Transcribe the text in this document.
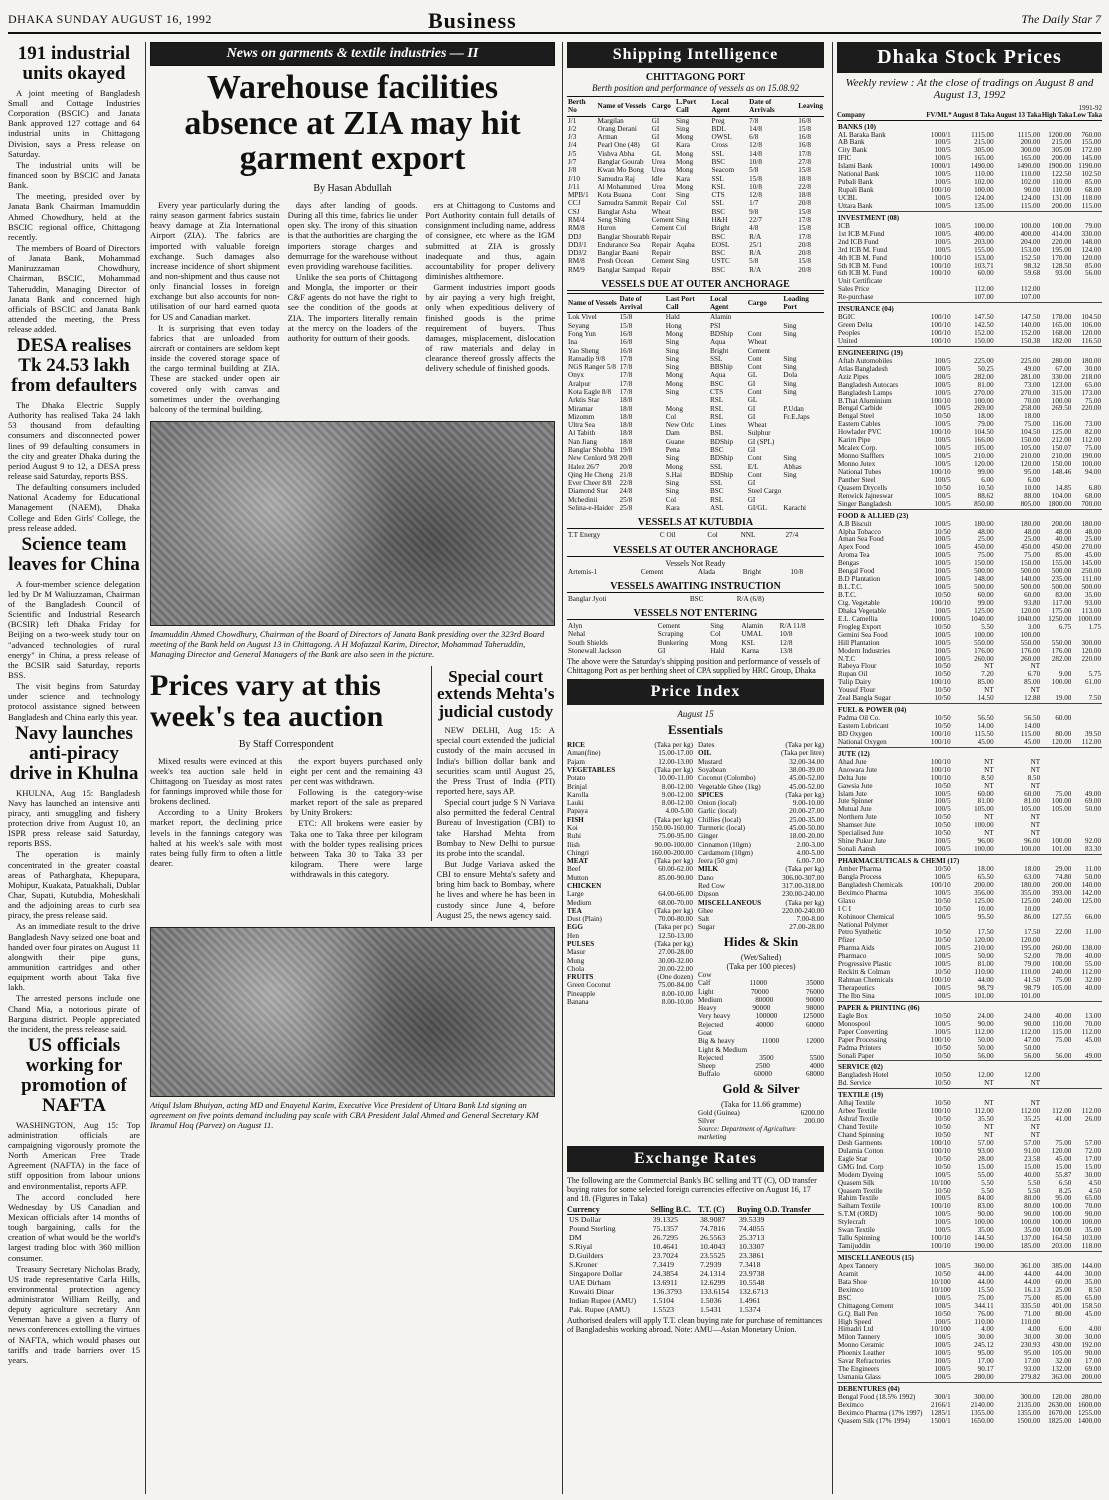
DHAKA SUNDAY AUGUST 16, 1992	Business	The Daily Star 7
191 industrial units okayed

A joint meeting of Bangladesh Small and Cottage Industries Corporation (BSCIC) and Janata Bank approved 127 cottage and 64 industrial units in Chittagong Division, says a Press release on Saturday.

The industrial units will be financed soon by BSCIC and Janata Bank.

The meeting, presided over by Janata Bank Chairman Imamuddin Ahmed Chowdhury, held at the BSCIC regional office, Chittagong recently.

The members of Board of Directors of Janata Bank, Mohammad Maniruzzaman Chowdhury, Chairman, BSCIC, Mohammad Taheruddin, Managing Director of Janata Bank and concerned high officials of BSCIC and Janata Bank attended the meeting, the Press release added.

DESA realises Tk 24.53 lakh from defaulters

The Dhaka Electric Supply Authority has realised Taka 24 lakh 53 thousand from defaulting consumers and disconnected power lines of 99 defaulting consumers in the city and greater Dhaka during the period August 9 to 12, a DESA press release said Saturday, reports BSS.

The defaulting consumers included National Academy for Educational Management (NAEM), Dhaka College and Eden Girls' College, the press release added.

Science team leaves for China

A four-member science delegation led by Dr M Waliuzzaman, Chairman of the Bangladesh Council of Scientific and Industrial Research (BCSIR) left Dhaka Friday for Beijing on a two-week study tour on "advanced technologies of rural energy" in China, a press release of the BCSIR said Saturday, reports BSS.

The visit begins from Saturday under science and technology protocol assistance signed between Bangladesh and China early this year.

Navy launches anti-piracy drive in Khulna

KHULNA, Aug 15: Bangladesh Navy has launched an intensive anti piracy, anti smuggling and fishery protection drive from August 10, an ISPR press release said Saturday, reports BSS.

The operation is mainly concentrated in the greater coastal areas of Patharghata, Khepupara, Mohipur, Kuakata, Patuakhali, Dublar Char, Supati, Kutubdia, Moheskhali and the adjoining areas to curb sea piracy, the press release said.

As an immediate result to the drive Bangladesh Navy seized one boat and handed over four pirates on August 11 alongwith their pipe guns, ammunition cartridges and other equipment worth about Taka five lakh.

The arrested persons include one Chand Mia, a notorious pirate of Barguna district. People appreciated the incident, the press release said.

US officials working for promotion of NAFTA

WASHINGTON, Aug 15: Top administration officials are campaigning vigorously promote the North American Free Trade Agreement (NAFTA) in the face of stiff opposition from labour unions and environmentalist, reports AFP.

The accord concluded here Wednesday by US Canadian and Mexican officials after 14 months of tough bargaining, calls for the creation of what would be the world's largest trading bloc with 360 million consumer.

Treasury Secretary Nicholas Brady, US trade representative Carla Hills, environmental protection agency administrator William Reilly, and deputy agriculture secretary Ann Veneman have a given a flurry of news conferences extolling the virtues of NAFTA, which would phases out tariffs and trade barriers over 15 years.

News on garments & textile industries — II
Warehouse facilities absence at ZIA may hit garment export
By Hasan Abdullah

Every year particularly during the rainy season garment fabrics sustain heavy damage at Zia International Airport (ZIA). The fabrics are imported with valuable foreign exchange. Such damages also increase incidence of short shipment and non-shipment and thus cause not only financial losses in foreign exchange but also accounts for non-utilisation of our hard earned quota for US and Canadian market.

It is surprising that even today fabrics that are unloaded from aircraft or containers are seldom kept inside the covered storage space of the cargo terminal building at ZIA. These are stacked under open air covered only with canvas and sometimes under the overhanging balcony of the terminal building.

days after landing of goods. During all this time, fabrics lie under open sky. The irony of this situation is that the authorities are charging the importers storage charges and demurrage for the warehouse without even providing warehouse facilities.

Unlike the sea ports of Chittagong and Mongla, the importer or their C&F agents do not have the right to see the condition of the goods at ZIA. The importers literally remain at the mercy on the loaders of the authority for outturn of their goods.

ers at Chittagong to Customs and Port Authority contain full details of consignment including name, address of consignee, etc where as the IGM submitted at ZIA is grossly inadequate and thus, again accountability for proper delivery diminishes altthemore.

Garment industries import goods by air paying a very high freight, only when expeditious delivery of finished goods is the prime requirement of buyers. Thus damages, misplacement, dislocation of raw materials and delay in clearance thereof grossly affects the delivery schedule of finished goods.

Imamuddin Ahmed Chowdhury, Chairman of the Board of Directors of Janata Bank presiding over the 323rd Board meeting of the Bank held on August 13 in Chittagong. A H Mofazzal Karim, Director, Mohammad Taheruddin, Managing Director and General Managers of the Bank are also seen in the picture.
Prices vary at this week's tea auction
By Staff Correspondent

Mixed results were evinced at this week's tea auction sale held in Chittagong on Tuesday as most rates for fannings improved while those for brokens declined.

According to a Unity Brokers market report, the declining price levels in the fannings category was halted at his week's sale with most rates being fully firm to often a little dearer.

the export buyers purchased only eight per cent and the remaining 43 per cent was withdrawn.

Following is the category-wise market report of the sale as prepared by Unity Brokers:

ETC: All brokens were easier by Taka one to Taka three per kilogram with the bolder types realising prices between Taka 30 to Taka 33 per kilogram. There were large withdrawals in this category.

Special court extends Mehta's judicial custody

NEW DELHI, Aug 15: A special court extended the judicial custody of the main accused in India's billion dollar bank and securities scam until August 25, the Press Trust of India (PTI) reported here, says AP.

Special court judge S N Variava also permitted the federal Central Bureau of Investigation (CBI) to take Harshad Mehta from Bombay to New Delhi to pursue its probe into the scandal.

But Judge Variava asked the CBI to ensure Mehta's safety and bring him back to Bombay, where he lives and where he has been in custody since June 4, before August 25, the news agency said.

Atiqul Islam Bhuiyan, acting MD and Enayetul Karim, Executive Vice President of Uttara Bank Ltd signing an agreement on five points demand including pay scale with CBA President Jalal Ahmed and General Secretary KM Ikramul Hoq (Parvez) on August 11.
Shipping Intelligence
CHITTAGONG PORT
Berth position and performance of vessels as on 15.08.92
Berth No	Name of Vessels	Cargo	L.Port Call	Local Agent	Date of Arrivals	Leaving
J/1	Margilan	GI	Sing	Preg	7/8	16/8
J/2	Orang Derani	GI	Sing	BDL	14/8	15/8
J/3	Arman	GI	Mong	OWSL	6/8	16/8
J/4	Pearl One (48)	GI	Kara	Cross	12/8	16/8
J/5	Vishva Abha	GL	Mong	SSL	14/8	17/8
J/7	Banglar Gourab	Urea	Mong	BSC	10/8	27/8
J/8	Kwan Mo Bong	Urea	Mong	Seacom	5/8	15/8
J/10	Samudra Raj	Idle	Kara	SSL	15/8	18/8
J/11	Al Mohammed	Urea	Mong	KSL	10/8	22/8
MPB/1	Kota Buana	Cont	Sing	CTS	12/8	18/8
CCJ	Samudra Sammit	Repair	Col	SSL	1/7	20/8
CSJ	Banglar Asha	Wheat		BSC	9/8	15/8
RM/4	Seng Shing	Cement	Sing	H&H	22/7	17/8
RM/8	Huron	Cement	Col	Bright	4/8	15/8
DDJ	Banglar Shourabh	Repair		BSC	R/A	17/8
DDJ/1	Endurance Sea	Repair	Aqaba	EOSL	25/1	20/8
DDJ/2	Banglar Baani	Repair		BSC	R/A	20/8
RM/8	Presh Ocean	Cement	Sing	USTC	5/8	15/8
RM/9	Banglar Sampad	Repair		BSC	R/A	20/8
VESSELS DUE AT OUTER ANCHORAGE
Name of Vessels	Date of Arrival	Last Port Call	Local Agent	Cargo	Loading Port
Lok Vivel	15/8	Hald	Alamin		
Seyang	15/8	Hong	PSI		Sing
Fong Yun	16/8	Mong	BDShip	Cont	Sing
Ina	16/8	Sing	Aqua	Wheat	
Yao Sheng	16/8	Sing	Bright	Cement	
Ratnadip 9/8	17/8	Sing	SSL	Cont	Sing
NGS Ranger 5/8	17/8	Sing	BBShip	Cont	Sing
Onyx	17/8	Mong	Aqua	GL	Dola
Aralpur	17/8	Mong	BSC	GI	Sing
Kota Eagle 8/8	17/8	Sing	CTS	Cont	Sing
Arktis Star	18/8		RSL	GL	
Miramar	18/8	Mong	RSL	GI	P.Udan
Mizomm	18/8	Col	RSL	GI	Fr.E.Japs
Ultra Sea	18/8	New Orlc	Lines	Wheat	
Al Tabith	18/8	Dam	BSL	Sulphur	
Nan Jiang	18/8	Guane	BDShip	GI (SPL)	
Banglar Shobha	19/8	Pena	BSC	GI	
New Cenlord 9/8	20/8	Sing	BDShip	Cont	Sing
Halez 26/7	20/8	Mong	SSL	E/L	Abhas
Qing He Cheng	21/8	S.Hai	BDShip	Cont	Sing
Ever Cheer 8/8	22/8	Sing	SSL	GI	
Diamond Star	24/8	Sing	BSC	Steel Cargo	
Mchedinii	25/8	Col	RSL	GI	
Selina-e-Haider	25/8	Kara	ASL	GI/GL	Karachi
VESSELS AT KUTUBDIA
T.T Energy	C Oil	Col	NNL	27/4
VESSELS AT OUTER ANCHORAGE
Vessels Not Ready
Artemis-1	Cement	Alada	Bright	10/8
VESSELS AWAITING INSTRUCTION
Banglar Jyoti	BSC	R/A (6/8)
VESSELS NOT ENTERING
Alyn	Cement	Sing	Alamin	R/A 11/8
Nehal	Scraping	Col	UMAL	10/8
South Shields	Bunkering	Mong	KSL	12/8
Stonewall Jackson	GI	Hald	Karna	13/8
The above were the Saturday's shipping position and performance of vessels of Chittagong Port as per berthing sheet of CPA supplied by HRC Group, Dhaka
Price Index
August 15
Essentials
RICE	(Taka per kg)
Aman(fine)	15.00-17.00
Pajam	12.00-13.00
VEGETABLES	(Taka per kg)
Potato	10.00-11.00
Brinjal	8.00-12.00
Karolla	9.00-12.00
Lauki	8.00-12.00
Papaya	4.00-5.00
FISH	(Taka per kg)
Koi	150.00-160.00
Ruhi	75.00-95.00
Ilish	90.00-100.00
Chingri	160.00-200.00
MEAT	(Taka per kg)
Beef	60.00-62.00
Mutton	85.00-90.00
CHICKEN
Large	64.00-66.00
Medium	68.00-70.00
TEA	(Taka per kg)
Dust (Plain)	70.00-80.00
EGG	(Taka per pc)
Hen	12.50-13.00
PULSES	(Taka per kg)
Masur	27.00-28.00
Mung	30.00-32.00
Chola	20.00-22.00
FRUITS	(One dozen)
Green Coconut	75.00-84.00
Pineapple	8.00-10.00
Banana	8.00-10.00
Dates	(Taka per kg)
OIL	(Taka per litre)
Mustard	32.00-34.00
Soyabean	38.00-39.00
Coconut (Colombo)	45.00-52.00
Vegetable Ghee (1kg)	45.00-52.00
SPICES	(Taka per kg)
Onion (local)	9.00-10.00
Garlic (local)	20.00-27.00
Chillies (local)	25.00-35.00
Turmeric (local)	45.00-50.00
Ginger	18.00-20.00
Cinnamon (10gm)	2.00-3.00
Cardamom (10gm)	4.00-5.00
Jeera (50 gm)	6.00-7.00
MILK	(Taka per kg)
Dano	306.00-307.00
Red Cow	317.00-318.00
Dipson	230.00-240.00
MISCELLANEOUS	(Taka per kg)
Ghee	220.00-240.00
Salt	7.00-8.00
Sugar	27.00-28.00
Hides & Skin
(Wet/Salted)
(Taka per 100 pieces)
Cow
Calf	11000	35000
Light	70000	76000
Medium	80000	90000
Heavy	90000	98000
Very heavy	100000	125000
Rejected	40000	60000
Goat
Big & heavy	11000	12000
Light & Medium
Rejected	3500	5500
Sheep	2500	4000
Buffalo	60000	68000
Gold & Silver
(Taka for 11.66 gramme)
Gold (Guinea)	6200.00
Silver	200.00
Source: Department of Agriculture marketing
Exchange Rates
The following are the Commercial Bank's BC selling and TT (C), OD transfer buying rates for some selected foreign currencies effective on August 16, 17 and 18. (Figures in Taka)
Currency	Selling B.C.	T.T. (C)	Buying O.D. Transfer
US Dollar	39.1325	38.9087	39.5339
Pound Sterling	75.1357	74.7816	74.4055
DM	26.7295	26.5563	25.3713
S.Riyal	10.4641	10.4043	10.3307
D.Guilders	23.7024	23.5525	23.3861
S.Kroner	7.3419	7.2939	7.3418
Singapore Dollar	24.3854	24.1314	23.9738
UAE Dirham	13.6911	12.6299	10.5548
Kuwaiti Dinar	136.3793	133.6154	132.6713
Indian Rupee (AMU)	1.5104	1.5036	1.4961
Pak. Rupee (AMU)	1.5523	1.5431	1.5374
Authorised dealers will apply T.T. clean buying rate for purchase of remittances of Bangladeshis working abroad. Note: AMU—Asian Monetary Union.
Dhaka Stock Prices
Weekly review : At the close of tradings on August 8 and August 13, 1992
1991-92
Company	FV/ML*	August 8 Taka	August 13 Taka	High Taka	Low Taka
BANKS (10)					
AL Baraka Bank	1000/1	1115.00	1115.00	1200.00	760.00
AB Bank	100/5	215.00	200.00	215.00	155.00
City Bank	100/5	305.00	300.00	305.00	172.00
IFIC	100/5	165.00	165.00	200.00	145.00
Islami Bank	1000/1	1490.00	1490.00	1900.00	1190.00
National Bank	100/5	110.00	110.00	122.50	102.50
Pubali Bank	100/5	102.00	102.00	110.00	85.00
Rupali Bank	100/10	100.00	90.00	110.00	68.00
UCBL	100/5	124.00	124.00	131.00	118.00
Uttara Bank	100/5	135.00	115.00	200.00	115.00
INVESTMENT (08)					
ICB	100/5	100.00	100.00	100.00	79.00
1st ICB M.Fund	100/5	400.00	400.00	414.00	330.00
2nd ICB Fund	100/5	203.00	204.00	220.00	148.00
3rd ICB M. Fund	100/5	155.00	153.00	195.00	124.00
4th ICB M. Fund	100/10	153.00	152.50	170.00	120.00
5th ICB M. Fund	100/10	103.71	98.32	128.50	85.00
6th ICB M. Fund	100/10	60.00	59.68	93.00	56.00
Unit Certificate					
Sales Price		112.00	112.00		
Re-purchase		107.00	107.00		
INSURANCE (04)					
BGIC	100/10	147.50	147.50	178.00	104.50
Green Delta	100/10	142.50	140.00	165.00	106.00
Peoples	100/10	152.00	152.00	168.00	120.00
United	100/10	150.00	150.38	182.00	116.50
ENGINEERING (19)					
Aftab Automobiles	100/5	225.00	225.00	280.00	180.00
Atlas Bangladesh	100/5	50.25	49.00	67.00	30.00
Aziz Pipes	100/5	282.00	281.00	330.00	218.00
Bangladesh Autocars	100/5	81.00	73.00	123.00	65.00
Bangladesh Lamps	100/5	270.00	270.00	315.00	173.00
B.That Aluminium	100/10	100.00	70.00	100.00	75.00
Bengal Carbide	100/5	269.00	258.00	269.50	220.00
Bengal Steel	10/50	18.00	18.00		
Eastern Cables	100/5	79.00	75.00	116.00	73.00
Howlader PVC	100/10	104.50	104.50	125.00	82.00
Karim Pipe	100/5	166.00	150.00	212.00	112.00
Mcalex Corp.	100/5	105.00	105.00	150.07	75.00
Monno Stafflers	100/5	210.00	210.00	210.00	190.00
Monno Jutex	100/5	120.00	120.00	150.00	100.00
National Tubes	100/10	99.00	95.00	148.46	94.00
Panther Steel	100/5	6.00	6.00		
Quasem Drycells	10/50	10.50	10.00	14.85	6.80
Renwick Jajneswar	100/5	88.62	88.00	104.00	68.00
Singer Bangladesh	100/5	850.00	805.00	1800.00	700.00
FOOD & ALLIED (23)					
A.B Biscuit	100/5	180.00	180.00	200.00	180.00
Alpha Tobacco	10/50	48.00	48.00	48.00	48.00
Aman Sea Food	100/5	25.00	25.00	40.00	25.00
Apex Food	100/5	450.00	450.00	450.00	270.00
Aroma Tea	100/5	75.00	75.00	85.00	45.00
Bengas	100/5	150.00	150.00	155.00	145.00
Bengal Food	100/5	500.00	500.00	500.00	250.00
B.D Plantation	100/5	148.00	140.00	235.00	111.00
B.L.T.C.	100/5	500.00	500.00	500.00	500.00
B.T.C.	10/50	60.00	60.00	83.00	35.00
Ctg. Vegetable	100/10	99.00	93.80	117.00	93.00
Dhaka Vegetable	100/5	125.00	120.00	175.00	113.00
E.L. Camellia	1000/5	1040.00	1040.00	1250.00	1000.00
Frogleg Export	10/50	5.50	3.00	6.75	1.75
Gemini Sea Food	100/5	100.00	100.00		
Hill Plantation	100/5	550.00	550.00	550.00	300.00
Modern Industries	100/5	176.00	176.00	176.00	120.00
N.T.C	100/5	260.00	260.00	282.00	220.00
Rabeya Flour	10/50	NT	NT		
Rupan Oil	10/50	7.20	6.70	9.00	5.75
Tulip Dairy	100/10	85.00	85.00	100.00	61.00
Yousuf Flour	10/50	NT	NT		
Zeal Bangla Sugar	10/50	14.50	12.88	19.00	7.50
FUEL & POWER (04)					
Padma Oil Co.	10/50	56.50	56.50	60.00	
Eastern Lubricant	10/50	14.00	14.00		
BD Oxygen	100/10	115.50	115.00	80.00	39.50
National Oxygen	100/10	45.00	45.00	120.00	112.00
JUTE (12)					
Ahad Jute	100/10	NT	NT		
Anowara Jute	100/10	NT	NT		
Delta Jute	100/10	8.50	8.50		
Gawsia Jute	10/50	NT	NT		
Islam Jute	100/5	60.00	60.00	75.00	49.00
Jute Spinner	100/5	81.00	81.00	100.00	69.00
Mutual Jute	100/5	105.00	105.00	105.00	50.00
Northern Jute	10/50	NT	NT		
Shamser Jute	10/50	100.00	NT		
Specialised Jute	10/50	NT	NT		
Shine Pukur Jute	100/5	96.00	96.00	100.00	92.00
Sonali Aansh	100/5	100.00	100.00	101.00	83.30
PHARMACEUTICALS & CHEMI (17)					
Amber Pharma	10/50	18.00	18.00	29.00	11.00
Bangla Process	100/5	65.50	63.00	74.80	50.00
Bangladesh Chemicals	100/10	200.00	180.00	200.00	140.00
Beximco Pharma	100/5	356.00	355.00	393.00	142.00
Glaxo	10/50	125.00	125.00	240.00	125.00
I C I	10/50	10.00	10.00		
Kohinoor Chemical	100/5	95.50	86.00	127.55	66.00
National Polymer					
Petro Synthetic	10/50	17.50	17.50	22.00	11.00
Pfizer	10/50	120.00	120.00		
Pharma Aids	100/5	210.00	195.00	260.00	138.00
Pharmaco	100/5	50.00	52.00	78.00	40.00
Progressive Plastic	100/5	81.00	79.00	100.00	55.00
Reckitt & Colman	10/50	110.00	110.00	240.00	112.00
Rahman Chemicals	100/10	44.00	41.50	75.00	32.00
Therapeutics	100/5	98.79	98.79	105.00	40.00
The Ibn Sina	100/5	101.00	101.00		
PAPER & PRINTING (06)					
Eagle Box	10/50	24.00	24.00	40.00	13.00
Monospool	100/5	90.00	90.00	110.00	70.00
Paper Converting	100/5	112.00	112.00	115.00	112.00
Paper Processing	100/10	50.00	47.00	75.00	45.00
Padma Printers	10/50	50.00	50.00		
Sonali Paper	10/50	56.00	56.00	56.00	49.00
SERVICE (02)					
Bangladesh Hotel	10/50	12.00	12.00		
Bd. Service	10/50	NT	NT		
TEXTILE (19)					
Alhaj Textile	10/50	NT	NT		
Arbee Textile	100/10	112.00	112.00	112.00	112.00
Ashraf Textile	10/50	35.50	35.25	41.00	26.00
Chand Textile	10/50	NT	NT		
Chand Spinning	10/50	NT	NT		
Desh Garments	100/10	57.00	57.00	75.00	57.00
Dulamia Cotton	100/10	93.00	91.00	120.00	72.00
Eagle Star	10/50	28.00	23.58	45.00	17.00
GMG Ind. Corp	10/50	15.00	15.00	15.00	15.00
Modern Dyeing	100/5	55.00	40.00	55.87	30.00
Quasem Silk	10/100	5.50	5.50	6.50	4.50
Quasem Textile	10/50	5.50	5.50	8.25	4.50
Rahim Textile	100/5	84.00	80.00	95.00	65.00
Saiham Textile	100/10	83.00	80.00	100.00	70.00
S.T.M (ORD)	100/5	90.00	90.00	100.00	90.00
Stylecraft	100/5	100.00	100.00	100.00	100.00
Swan Textile	100/5	35.00	35.00	100.00	35.00
Tallu Spinning	100/10	144.50	137.00	164.50	103.00
Tamijuddin	100/10	190.00	185.00	203.00	118.00
MISCELLANEOUS (15)					
Apex Tannery	100/5	360.00	361.00	385.00	144.00
Aramit	10/50	44.00	44.00	44.00	30.00
Bata Shoe	10/100	44.00	44.00	60.00	35.00
Beximco	10/100	15.50	16.13	25.00	8.50
BSC	100/5	75.00	75.00	85.00	65.00
Chittagong Cement	100/5	344.11	335.50	401.00	158.50
G.Q. Ball Pen	10/50	76.00	71.00	80.00	45.00
High Speed	100/5	110.00	110.00		
Himadri Ltd	10/100	4.00	4.00	6.00	4.00
Milon Tannery	100/5	30.00	30.00	30.00	30.00
Monno Ceramic	100/5	245.12	230.93	430.00	192.00
Phoenix Leather	100/5	95.00	95.00	105.00	90.00
Savar Refractories	100/5	17.00	17.00	32.00	17.00
The Engineers	100/5	90.17	93.00	132.00	69.00
Usmania Glass	100/5	280.00	279.82	363.00	200.00
DEBENTURES (04)					
Bengal Food (18.5% 1992)	300/1	300.00	300.00	120.00	280.00
Beximco	2166/1	2140.00	2135.00	2630.00	1600.00
Beximco Pharma (17% 1997)	1285/1	1355.00	1355.00	1670.00	1255.00
Quasem Silk (17% 1994)	1500/1	1650.00	1500.00	1825.00	1400.00
